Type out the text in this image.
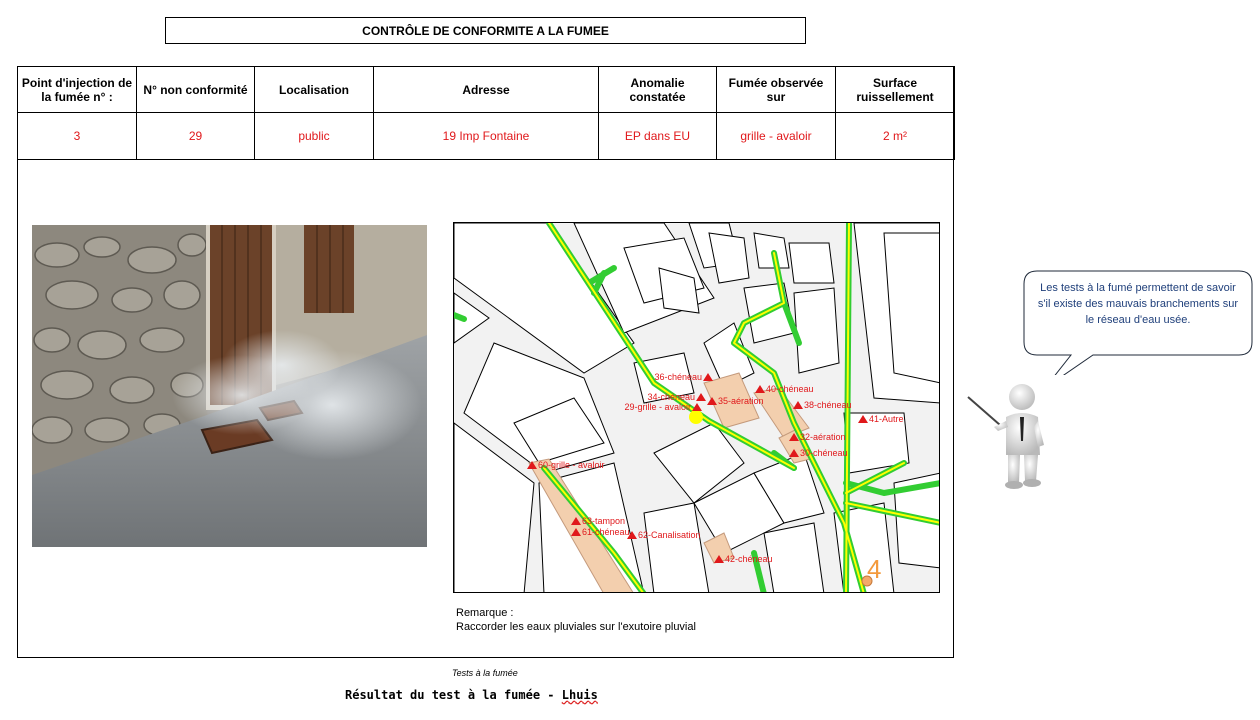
CONTRÔLE DE CONFORMITE A LA FUMEE
Point d'injection de la fumée n° :	N° non conformité	Localisation	Adresse	Anomalie constatée	Fumée observée sur	Surface ruissellement
3	29	public	19 Imp Fontaine	EP dans EU	grille - avaloir	2 m²
36-chéneau
34-chéneau
29-grille - avaloir
35-aération
40-chéneau
38-chéneau
32-aération
30-chéneau
41-Autre
60-grille - avaloir
63-tampon
61-chéneau 62-Canalisation
42-chéneau	4
Remarque :
Raccorder les eaux pluviales sur l'exutoire pluvial
Tests à la fumée
Résultat du test à la fumée - Lhuis
Les tests à la fumé permettent de savoir s'il existe des mauvais branchements sur le réseau d'eau usée.
